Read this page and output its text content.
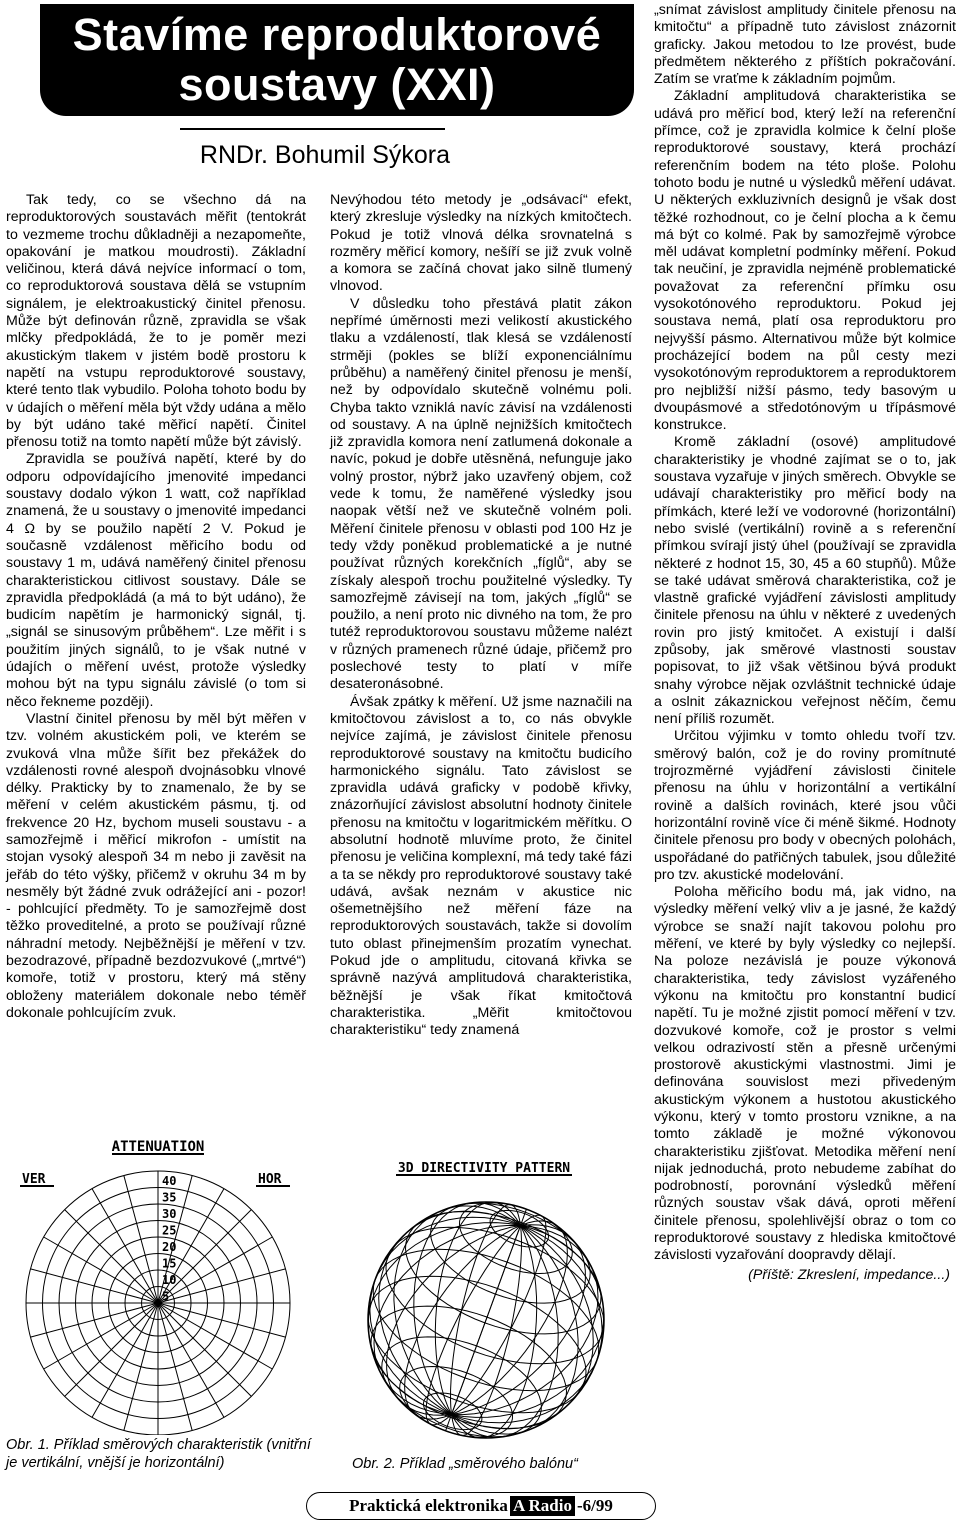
Stavíme reproduktorové
soustavy (XXI)
RNDr. Bohumil Sýkora

Tak tedy, co se všechno dá na reproduktorových soustavách měřit (tentokrát to vezmeme trochu důkladněji a nezapomeňte, opakování je matkou moudrosti). Základní veličinou, která dává nejvíce informací o tom, co reproduktorová soustava dělá se vstupním signálem, je elektroakustický činitel přenosu. Může být definován různě, zpravidla se však mlčky předpokládá, že to je poměr mezi akustickým tlakem v jistém bodě prostoru k napětí na vstupu reproduktorové soustavy, které tento tlak vybudilo. Poloha tohoto bodu by v údajích o měření měla být vždy udána a mělo by být udáno také měřicí napětí. Činitel přenosu totiž na tomto napětí může být závislý.

Zpravidla se používá napětí, které by do odporu odpovídajícího jmenovité impedanci soustavy dodalo výkon 1 watt, což například znamená, že u soustavy o jmenovité impedanci 4 Ω by se použilo napětí 2 V. Pokud je současně vzdálenost měřicího bodu od soustavy 1 m, udává naměřený činitel přenosu charakteristickou citlivost soustavy. Dále se zpravidla předpokládá (a má to být udáno), že budicím napětím je harmonický signál, tj. „signál se sinusovým průběhem“. Lze měřit i s použitím jiných signálů, to je však nutné v údajích o měření uvést, protože výsledky mohou být na typu signálu závislé (o tom si něco řekneme později).

Vlastní činitel přenosu by měl být měřen v tzv. volném akustickém poli, ve kterém se zvuková vlna může šířit bez překážek do vzdálenosti rovné alespoň dvojnásobku vlnové délky. Prakticky by to znamenalo, že by se měření v celém akustickém pásmu, tj. od frekvence 20 Hz, bychom museli soustavu - a samozřejmě i měřicí mikrofon - umístit na stojan vysoký alespoň 34 m nebo ji zavěsit na jeřáb do této výšky, přičemž v okruhu 34 m by nesměly být žádné zvuk odrážející ani - pozor! - pohlcující předměty. To je samozřejmě dost těžko proveditelné, a proto se používají různé náhradní metody. Nejběžnější je měření v tzv. bezodrazové, případně bezdozvukové („mrtvé“) komoře, totiž v prostoru, který má stěny obloženy materiálem dokonale nebo téměř dokonale pohlcujícím zvuk.

Nevýhodou této metody je „odsávací“ efekt, který zkresluje výsledky na nízkých kmitočtech. Pokud je totiž vlnová délka srovnatelná s rozměry měřicí komory, nešíří se již zvuk volně a komora se začíná chovat jako silně tlumený vlnovod.

V důsledku toho přestává platit zákon nepřímé úměrnosti mezi velikostí akustického tlaku a vzdáleností, tlak klesá se vzdáleností strměji (pokles se blíží exponenciálnímu průběhu) a naměřený činitel přenosu je menší, než by odpovídalo skutečně volnému poli. Chyba takto vzniklá navíc závisí na vzdálenosti od soustavy. A na úplně nejnižších kmitočtech již zpravidla komora není zatlumená dokonale a navíc, pokud je dobře utěsněná, nefunguje jako volný prostor, nýbrž jako uzavřený objem, což vede k tomu, že naměřené výsledky jsou naopak větší než ve skutečně volném poli. Měření činitele přenosu v oblasti pod 100 Hz je tedy vždy poněkud problematické a je nutné používat různých korekčních „fíglů“, aby se získaly alespoň trochu použitelné výsledky. Ty samozřejmě závisejí na tom, jakých „fíglů“ se použilo, a není proto nic divného na tom, že pro tutéž reproduktorovou soustavu můžeme nalézt v různých pramenech různé údaje, přičemž pro poslechové testy to platí v míře desateronásobné.

Ávšak zpátky k měření. Už jsme naznačili na kmitočtovou závislost a to, co nás obvykle nejvíce zajímá, je závislost činitele přenosu reproduktorové soustavy na kmitočtu budicího harmonického signálu. Tato závislost se zpravidla udává graficky v podobě křivky, znázorňující závislost absolutní hodnoty činitele přenosu na kmitočtu v logaritmickém měřítku. O absolutní hodnotě mluvíme proto, že činitel přenosu je veličina komplexní, má tedy také fázi a ta se někdy pro reproduktorové soustavy také udává, avšak neznám v akustice nic ošemetnějšího než měření fáze na reproduktorových soustavách, takže si dovolím tuto oblast přinejmenším prozatím vynechat. Pokud jde o amplitudu, citovaná křivka se správně nazývá amplitudová charakteristika, běžnější je však říkat kmitočtová charakteristika. „Měřit kmitočtovou charakteristiku“ tedy znamená

„snímat závislost amplitudy činitele přenosu na kmitočtu“ a případně tuto závislost znázornit graficky. Jakou metodou to lze provést, bude předmětem některého z příštích pokračování. Zatím se vraťme k základním pojmům.

Základní amplitudová charakteristika se udává pro měřicí bod, který leží na referenční přímce, což je zpravidla kolmice k čelní ploše reproduktorové soustavy, která prochází referenčním bodem na této ploše. Polohu tohoto bodu je nutné u výsledků měření udávat. U některých exkluzivních designů je však dost těžké rozhodnout, co je čelní plocha a k čemu má být co kolmé. Pak by samozřejmě výrobce měl udávat kompletní podmínky měření. Pokud tak neučiní, je zpravidla nejméně problematické považovat za referenční přímku osu vysokotónového reproduktoru. Pokud jej soustava nemá, platí osa reproduktoru pro nejvyšší pásmo. Alternativou může být kolmice procházející bodem na půl cesty mezi vysokotónovým reproduktorem a reproduktorem pro nejbližší nižší pásmo, tedy basovým u dvoupásmové a středotónovým u třípásmové konstrukce.

Kromě základní (osové) amplitudové charakteristiky je vhodné zajímat se o to, jak soustava vyzařuje v jiných směrech. Obvykle se udávají charakteristiky pro měřicí body na přímkách, které leží ve vodorovné (horizontální) nebo svislé (vertikální) rovině a s referenční přímkou svírají jistý úhel (používají se zpravidla některé z hodnot 15, 30, 45 a 60 stupňů). Může se také udávat směrová charakteristika, což je vlastně grafické vyjádření závislosti amplitudy činitele přenosu na úhlu v některé z uvedených rovin pro jistý kmitočet. A existují i další způsoby, jak směrové vlastnosti soustav popisovat, to již však většinou bývá produkt snahy výrobce nějak ozvláštnit technické údaje a oslnit zákaznickou veřejnost něčím, čemu není příliš rozumět.

Určitou výjimku v tomto ohledu tvoří tzv. směrový balón, což je do roviny promítnuté trojrozměrné vyjádření závislosti činitele přenosu na úhlu v horizontální a vertikální rovině a dalších rovinách, které jsou vůči horizontální rovině více či méně šikmé. Hodnoty činitele přenosu pro body v obecných polohách, uspořádané do patřičných tabulek, jsou důležité pro tzv. akustické modelování.

Poloha měřicího bodu má, jak vidno, na výsledky měření velký vliv a je jasné, že každý výrobce se snaží najít takovou polohu pro měření, ve které by byly výsledky co nejlepší. Na poloze nezávislá je pouze výkonová charakteristika, tedy závislost vyzářeného výkonu na kmitočtu pro konstantní budicí napětí. Tu je možné zjistit pomocí měření v tzv. dozvukové komoře, což je prostor s velmi velkou odrazivostí stěn a přesně určenými prostorově akustickými vlastnostmi. Jimi je definována souvislost mezi přivedeným akustickým výkonem a hustotou akustického výkonu, který v tomto prostoru vznikne, a na tomto základě je možné výkonovou charakteristiku zjišťovat. Metodika měření není nijak jednoduchá, proto nebudeme zabíhat do podrobností, porovnání výsledků měření různých soustav však dává, oproti měření činitele přenosu, spolehlivější obraz o tom co reproduktorové soustavy z hlediska kmitočtové závislosti vyzařování doopravdy dělají.

(Příště: Zkreslení, impedance...)

ATTENUATION
VER	HOR
40
35
30
25
20
15
10
5
Obr. 1. Příklad směrových charakteristik (vnitřní je vertikální, vnější je horizontální)
3D DIRECTIVITY PATTERN
Obr. 2. Příklad „směrového balónu“
Praktická elektronika A Radio -6/99
